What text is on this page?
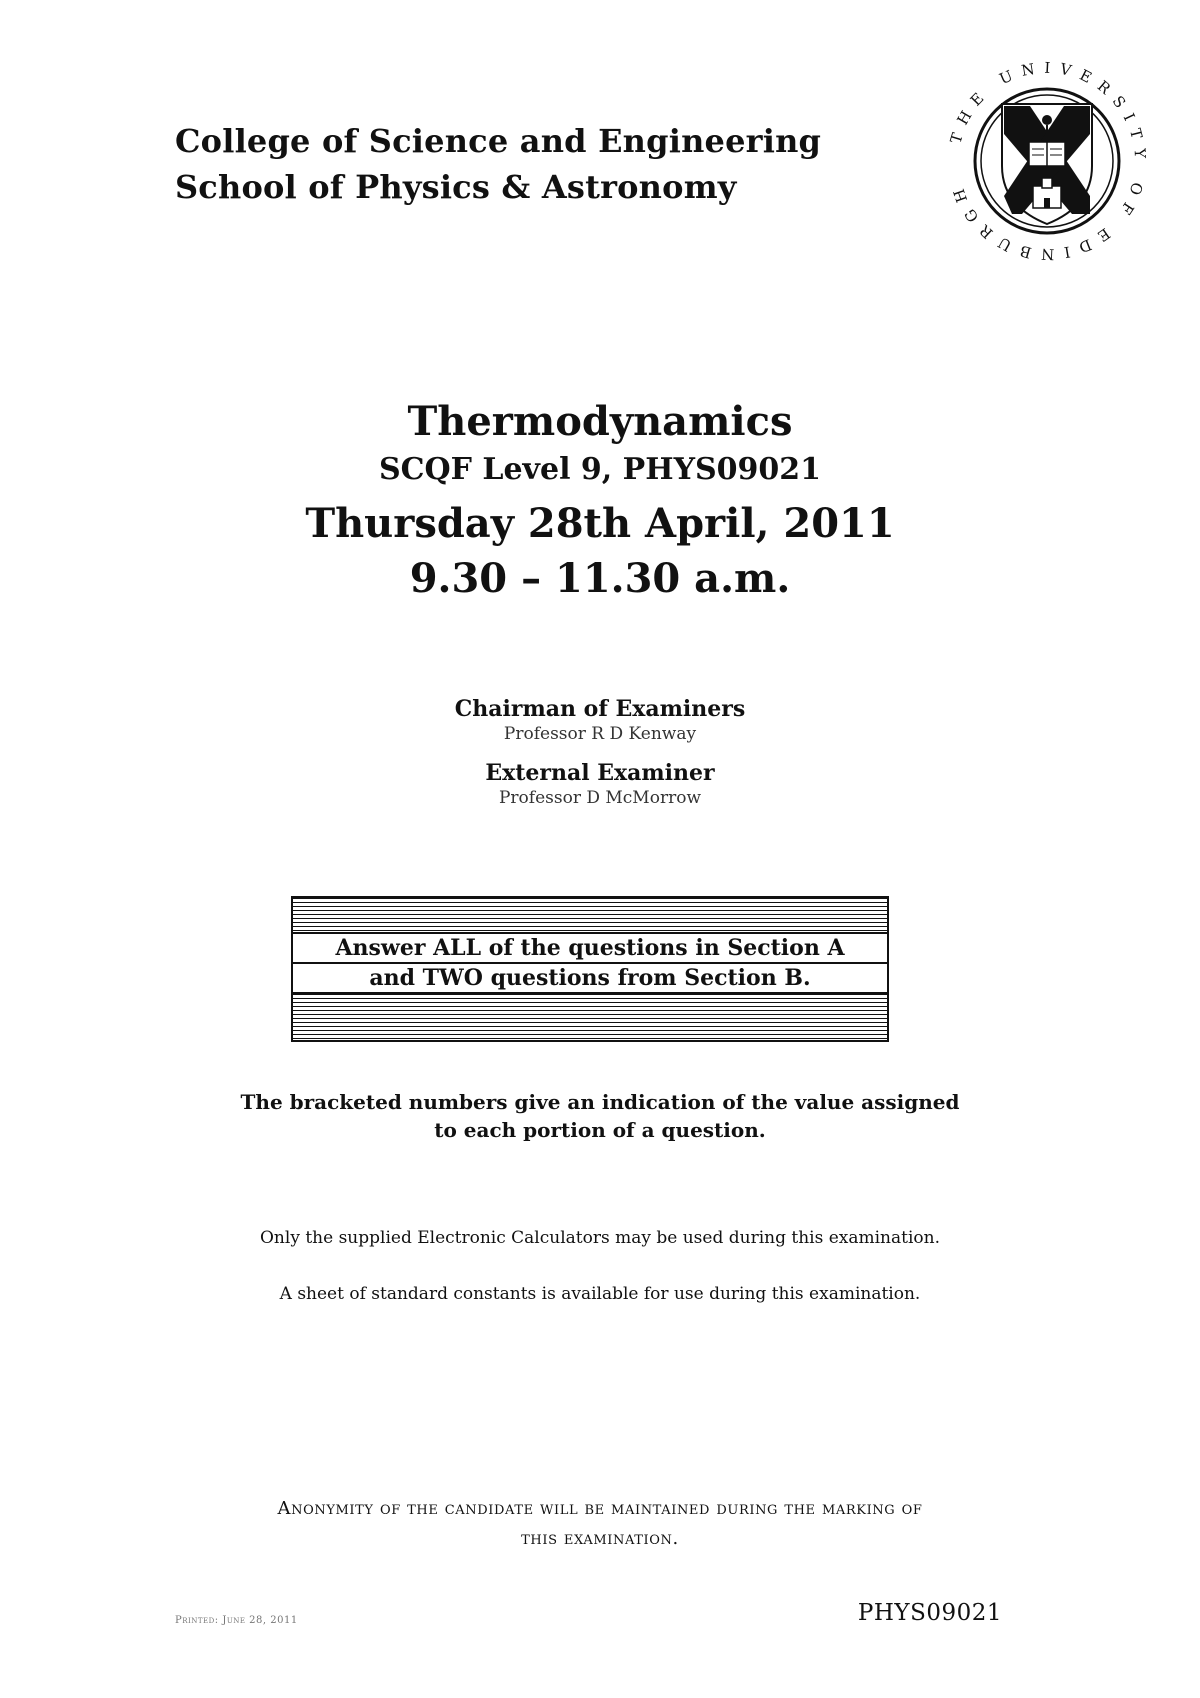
College of Science and Engineering
School of Physics & Astronomy
THE UNIVERSITY OF EDINBURGH
Thermodynamics
SCQF Level 9, PHYS09021
Thursday 28th April, 2011
9.30 – 11.30 a.m.
Chairman of Examiners
Professor R D Kenway
External Examiner
Professor D McMorrow
Answer ALL of the questions in Section A
and TWO questions from Section B.
The bracketed numbers give an indication of the value assigned
to each portion of a question.
Only the supplied Electronic Calculators may be used during this examination.
A sheet of standard constants is available for use during this examination.
Anonymity of the candidate will be maintained during the marking of
this examination.
Printed: June 28, 2011	PHYS09021
